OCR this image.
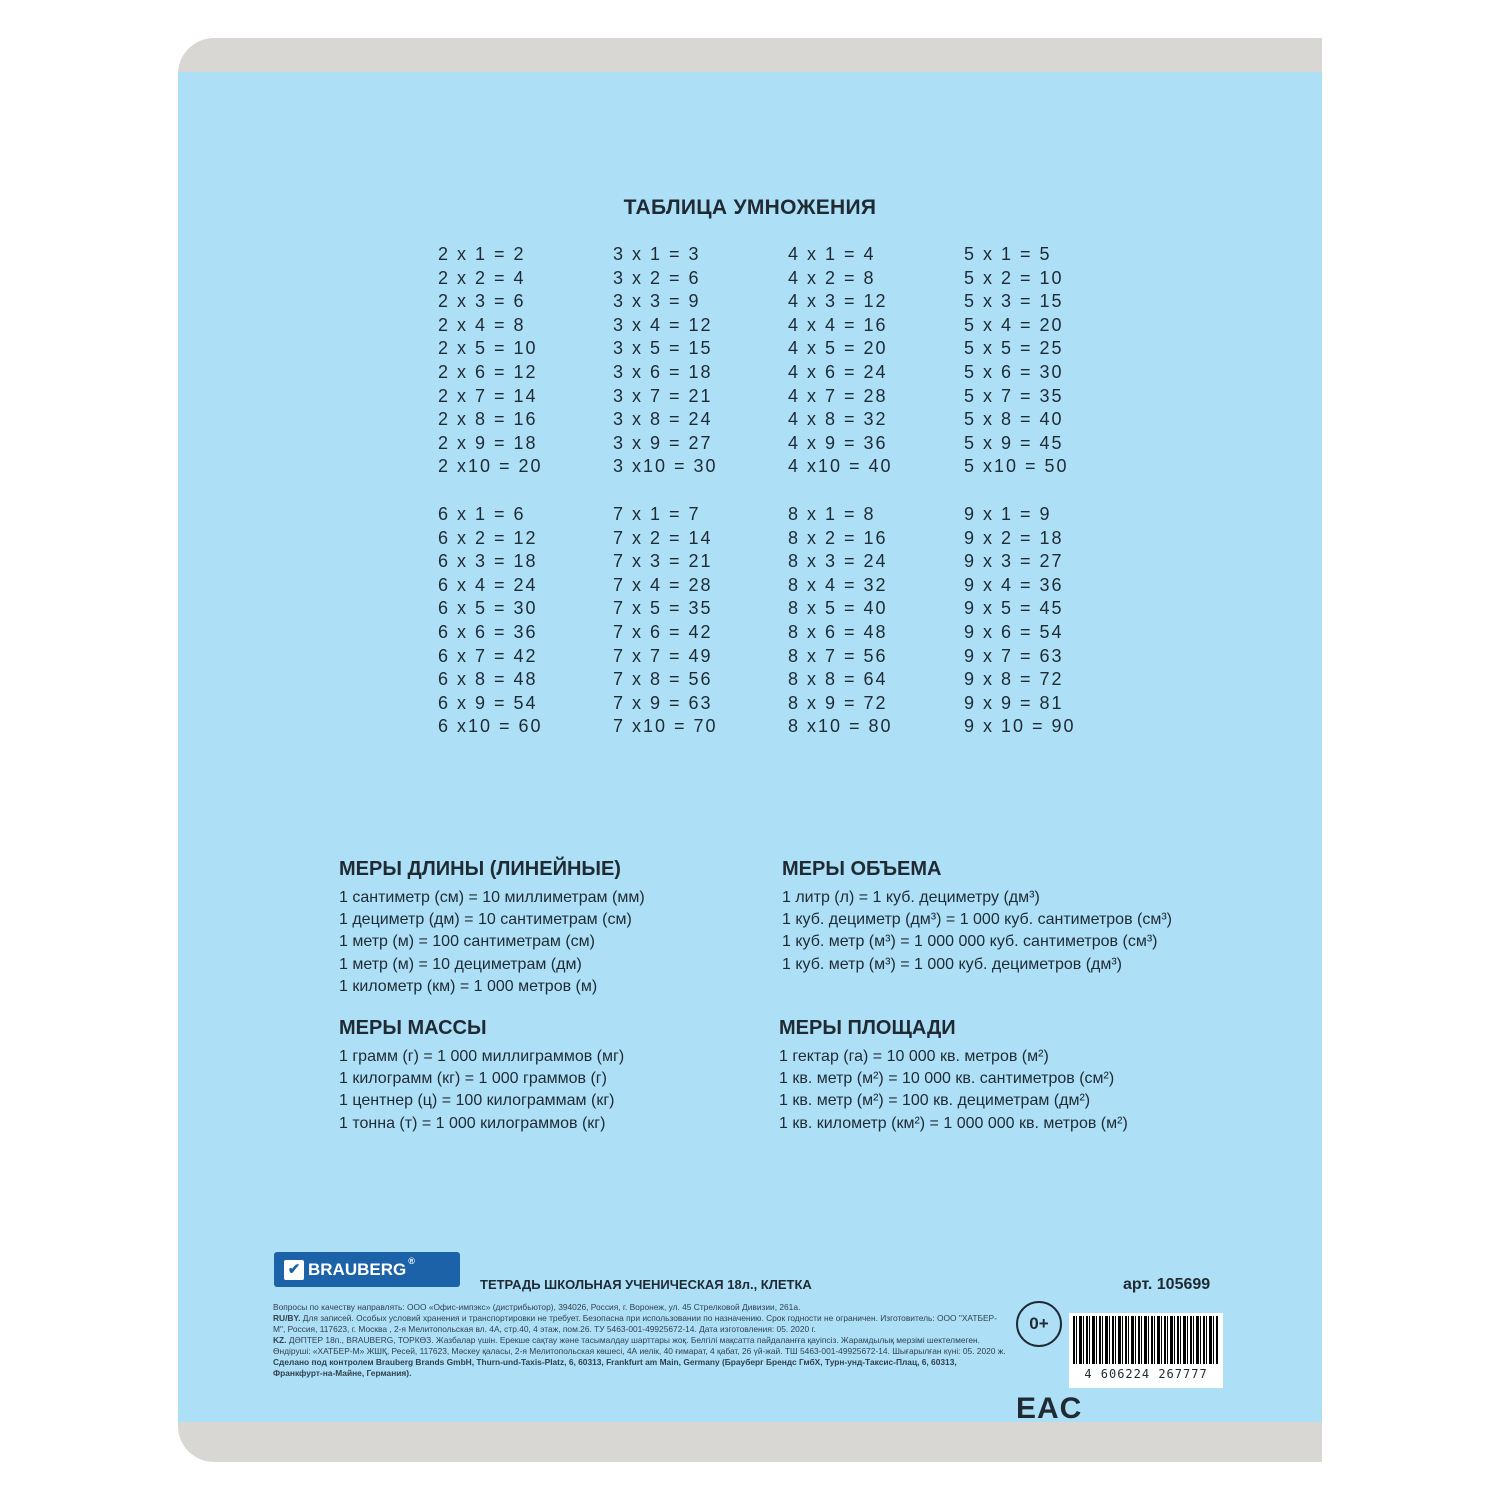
ТАБЛИЦА УМНОЖЕНИЯ
2 x 1 = 2
2 x 2 = 4
2 x 3 = 6
2 x 4 = 8
2 x 5 = 10
2 x 6 = 12
2 x 7 = 14
2 x 8 = 16
2 x 9 = 18
2 x10 = 20
3 x 1 = 3
3 x 2 = 6
3 x 3 = 9
3 x 4 = 12
3 x 5 = 15
3 x 6 = 18
3 x 7 = 21
3 x 8 = 24
3 x 9 = 27
3 x10 = 30
4 x 1 = 4
4 x 2 = 8
4 x 3 = 12
4 x 4 = 16
4 x 5 = 20
4 x 6 = 24
4 x 7 = 28
4 x 8 = 32
4 x 9 = 36
4 x10 = 40
5 x 1 = 5
5 x 2 = 10
5 x 3 = 15
5 x 4 = 20
5 x 5 = 25
5 x 6 = 30
5 x 7 = 35
5 x 8 = 40
5 x 9 = 45
5 x10 = 50
6 x 1 = 6
6 x 2 = 12
6 x 3 = 18
6 x 4 = 24
6 x 5 = 30
6 x 6 = 36
6 x 7 = 42
6 x 8 = 48
6 x 9 = 54
6 x10 = 60
7 x 1 = 7
7 x 2 = 14
7 x 3 = 21
7 x 4 = 28
7 x 5 = 35
7 x 6 = 42
7 x 7 = 49
7 x 8 = 56
7 x 9 = 63
7 x10 = 70
8 x 1 = 8
8 x 2 = 16
8 x 3 = 24
8 x 4 = 32
8 x 5 = 40
8 x 6 = 48
8 x 7 = 56
8 x 8 = 64
8 x 9 = 72
8 x10 = 80
9 x 1 = 9
9 x 2 = 18
9 x 3 = 27
9 x 4 = 36
9 x 5 = 45
9 x 6 = 54
9 x 7 = 63
9 x 8 = 72
9 x 9 = 81
9 x 10 = 90
МЕРЫ ДЛИНЫ (ЛИНЕЙНЫЕ)
1 сантиметр (см) = 10 миллиметрам (мм)
1 дециметр (дм) = 10 сантиметрам (см)
1 метр (м) = 100 сантиметрам (см)
1 метр (м) = 10 дециметрам (дм)
1 километр (км) = 1 000 метров (м)
МЕРЫ ОБЪЕМА
1 литр (л) = 1 куб. дециметру (дм³)
1 куб. дециметр (дм³) = 1 000 куб. сантиметров (см³)
1 куб. метр (м³) = 1 000 000 куб. сантиметров (см³)
1 куб. метр (м³) = 1 000 куб. дециметров (дм³)
МЕРЫ МАССЫ
1 грамм (г) = 1 000 миллиграммов (мг)
1 килограмм (кг) = 1 000 граммов (г)
1 центнер (ц) = 100 килограммам (кг)
1 тонна (т) = 1 000 килограммов (кг)
МЕРЫ ПЛОЩАДИ
1 гектар (га) = 10 000 кв. метров (м²)
1 кв. метр (м²) = 10 000 кв. сантиметров (см²)
1 кв. метр (м²) = 100 кв. дециметрам (дм²)
1 кв. километр (км²) = 1 000 000 кв. метров (м²)
✔ BRAUBERG ®
ТЕТРАДЬ ШКОЛЬНАЯ УЧЕНИЧЕСКАЯ 18л., КЛЕТКА	арт. 105699
Вопросы по качеству направлять: ООО «Офис-импэкс» (дистрибьютор), 394026, Россия, г. Воронеж, ул. 45 Стрелковой Дивизии, 261а.
RU/BY. Для записей. Особых условий хранения и транспортировки не требует. Безопасна при использовании по назначению. Срок годности не ограничен. Изготовитель: ООО "ХАТБЕР-М", Россия, 117623, г. Москва , 2-я Мелитопольская вл. 4А, стр.40, 4 этаж, пом.26. ТУ 5463-001-49925672-14. Дата изготовления: 05. 2020 г.
KZ. ДӘПТЕР 18п., BRAUBERG, ТОРКӨЗ. Жазбалар үшін. Ерекше сақтау және тасымалдау шарттары жоқ. Белгілі мақсатта пайдаланғға қауіпсіз. Жарамдылық мерзімі шектелмеген. Өндіруші: «ХАТБЕР-М» ЖШҚ, Ресей, 117623, Мәскеу қаласы, 2-я Мелитопольская көшесі, 4А иелік, 40 ғимарат, 4 қабат, 26 үй-жай. ТШ 5463-001-49925672-14. Шығарылған күні: 05. 2020 ж.
Сделано под контролем Brauberg Brands GmbH, Thurn-und-Taxis-Platz, 6, 60313, Frankfurt am Main, Germany (Браубepг Брендс ГмбХ, Турн-унд-Таксис-Плац, 6, 60313, Франкфурт-на-Майне, Германия).
0+
EAC
4 606224 267777
